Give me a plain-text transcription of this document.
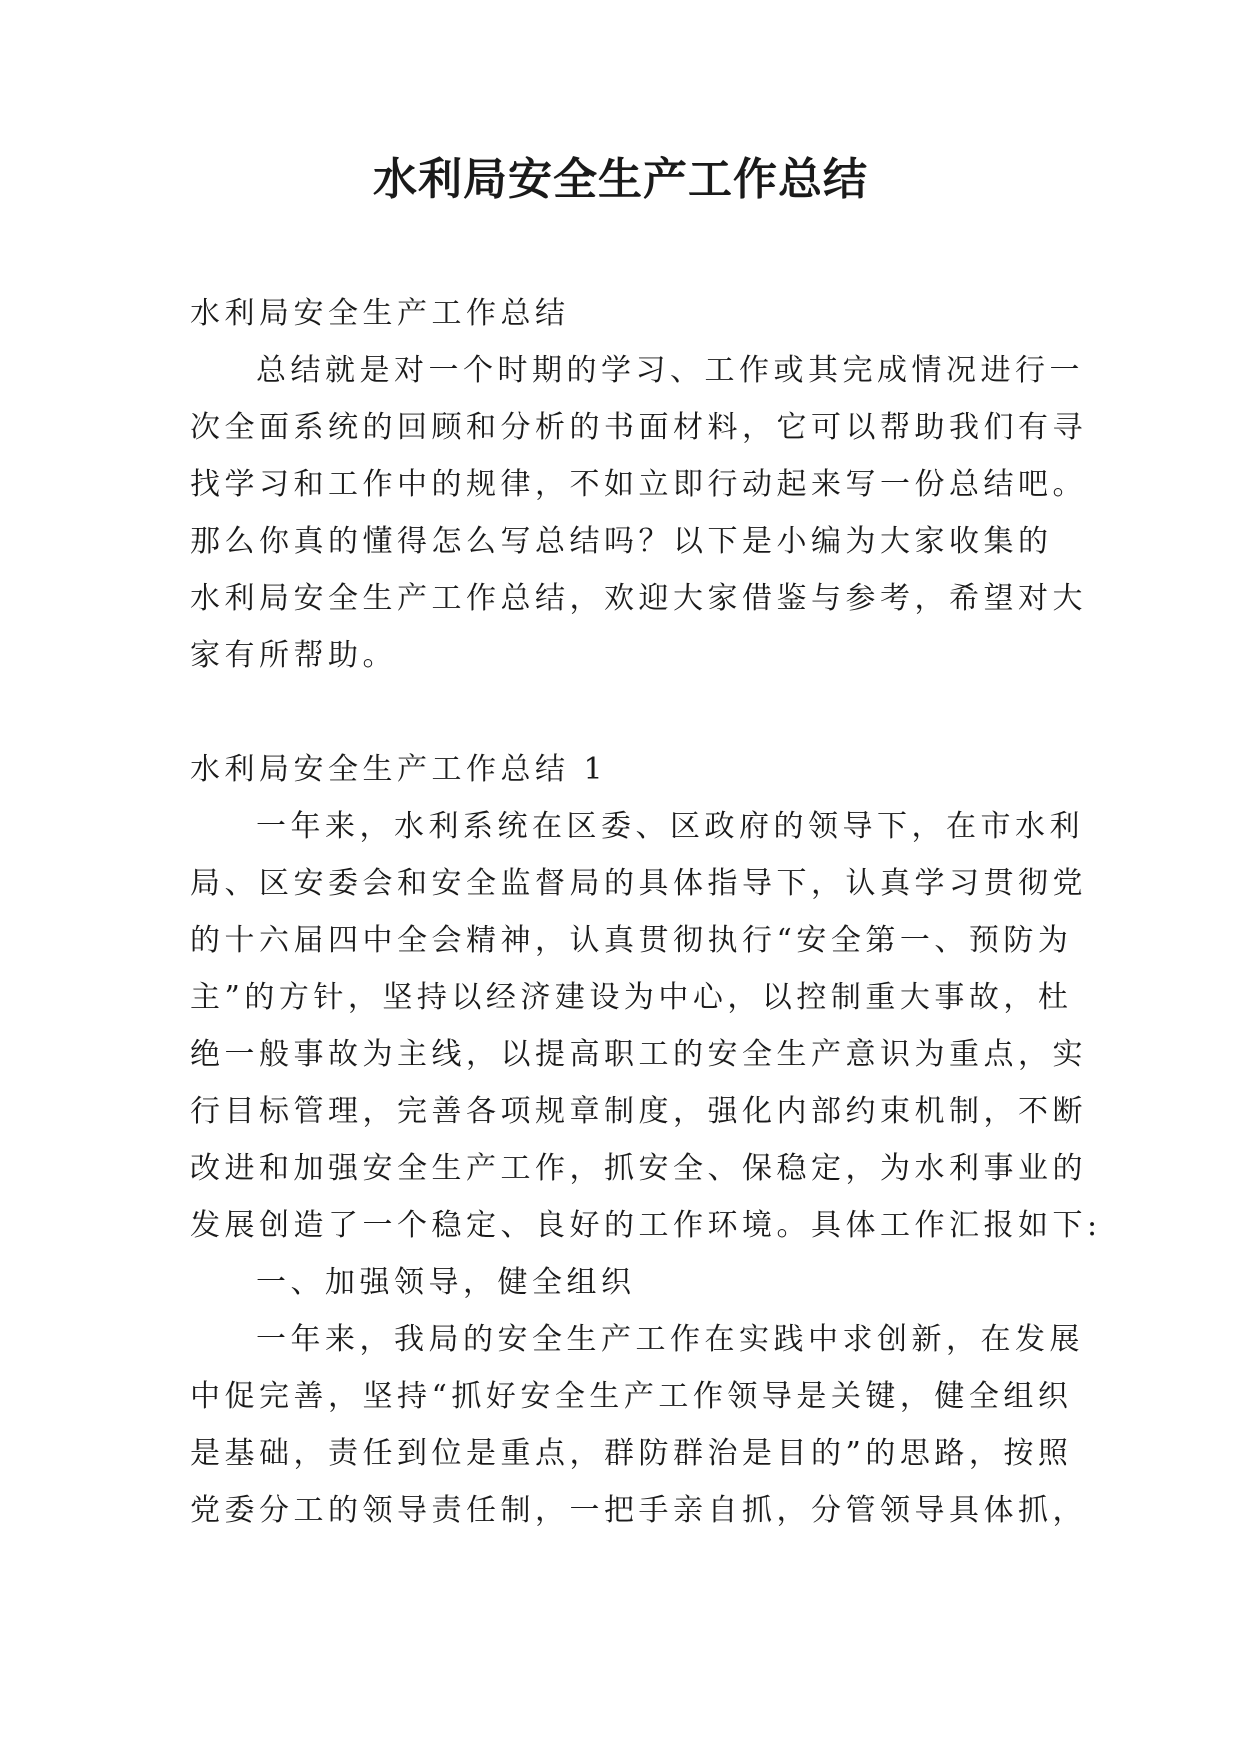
水利局安全生产工作总结

水利局安全生产工作总结

总结就是对一个时期的学习、工作或其完成情况进行一

次全面系统的回顾和分析的书面材料，它可以帮助我们有寻

找学习和工作中的规律，不如立即行动起来写一份总结吧。

那么你真的懂得怎么写总结吗？以下是小编为大家收集的

水利局安全生产工作总结，欢迎大家借鉴与参考，希望对大

家有所帮助。

水利局安全生产工作总结 1

一年来，水利系统在区委、区政府的领导下，在市水利

局、区安委会和安全监督局的具体指导下，认真学习贯彻党

的十六届四中全会精神，认真贯彻执行“安全第一、预防为

主”的方针，坚持以经济建设为中心，以控制重大事故，杜

绝一般事故为主线，以提高职工的安全生产意识为重点，实

行目标管理，完善各项规章制度，强化内部约束机制，不断

改进和加强安全生产工作，抓安全、保稳定，为水利事业的

发展创造了一个稳定、良好的工作环境。具体工作汇报如下:

一、加强领导，健全组织

一年来，我局的安全生产工作在实践中求创新，在发展

中促完善，坚持“抓好安全生产工作领导是关键，健全组织

是基础，责任到位是重点，群防群治是目的”的思路，按照

党委分工的领导责任制，一把手亲自抓，分管领导具体抓，
